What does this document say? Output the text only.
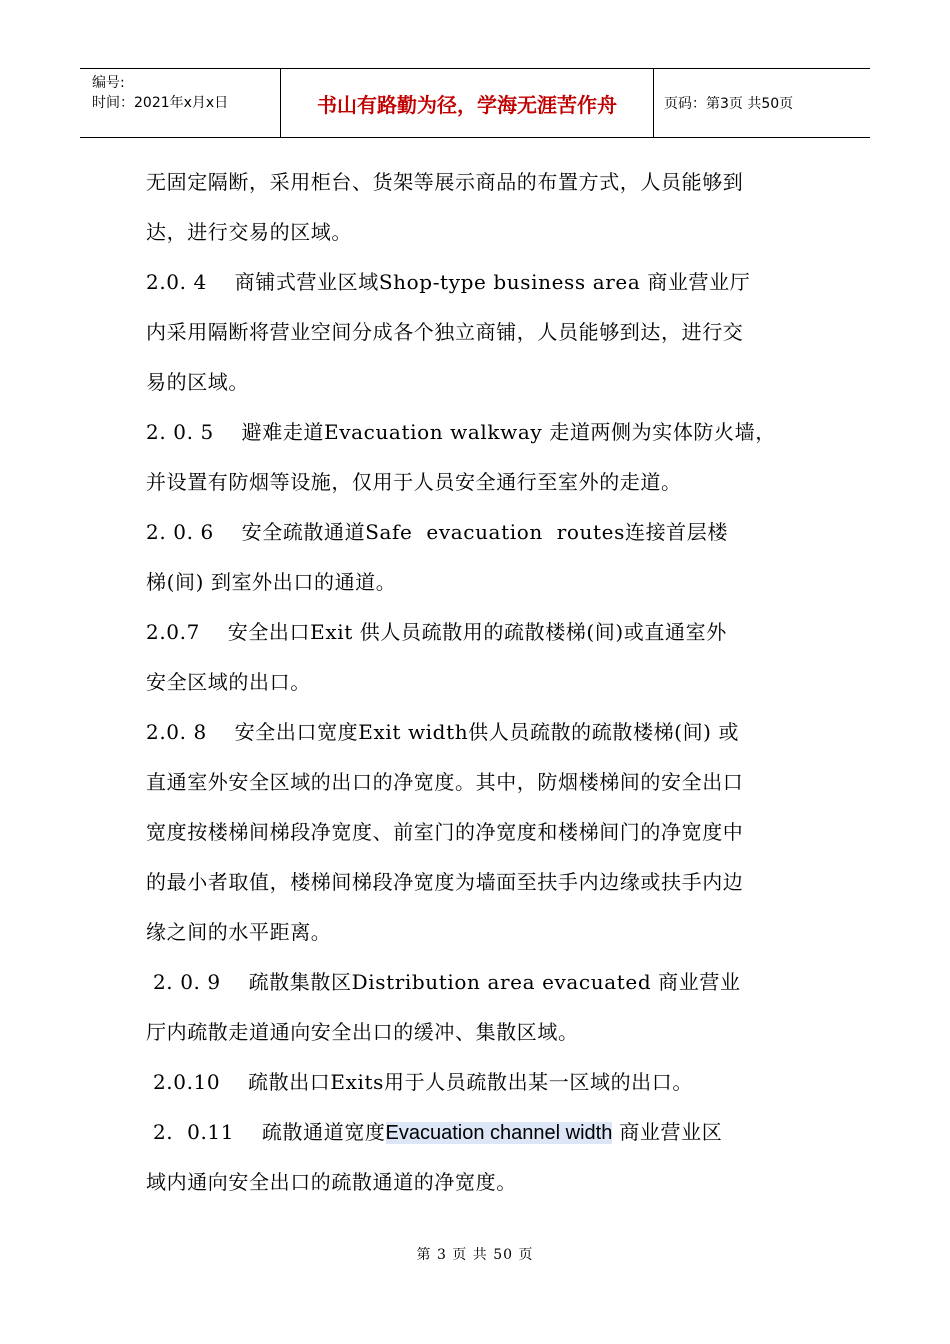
编号:
时间：2021年x月x日	书山有路勤为径，学海无涯苦作舟	页码：第3页 共50页
无固定隔断，采用柜台、货架等展示商品的布置方式，人员能够到
达，进行交易的区域。
2.0. 4    商铺式营业区域Shop-type business area 商业营业厅
内采用隔断将营业空间分成各个独立商铺，人员能够到达，进行交
易的区域。
2. 0. 5    避难走道Evacuation walkway 走道两侧为实体防火墙，
并设置有防烟等设施，仅用于人员安全通行至室外的走道。
2. 0. 6    安全疏散通道Safe  evacuation  routes连接首层楼
梯(间) 到室外出口的通道。
2.0.7    安全出口Exit 供人员疏散用的疏散楼梯(间)或直通室外
安全区域的出口。
2.0. 8    安全出口宽度Exit width供人员疏散的疏散楼梯(间) 或
直通室外安全区域的出口的净宽度。其中，防烟楼梯间的安全出口
宽度按楼梯间梯段净宽度、前室门的净宽度和楼梯间门的净宽度中
的最小者取值，楼梯间梯段净宽度为墙面至扶手内边缘或扶手内边
缘之间的水平距离。
2. 0. 9    疏散集散区Distribution area evacuated 商业营业
厅内疏散走道通向安全出口的缓冲、集散区域。
2.0.10    疏散出口Exits用于人员疏散出某一区域的出口。
2.  0.11    疏散通道宽度Evacuation channel width 商业营业区
域内通向安全出口的疏散通道的净宽度。
第 3 页 共 50 页
